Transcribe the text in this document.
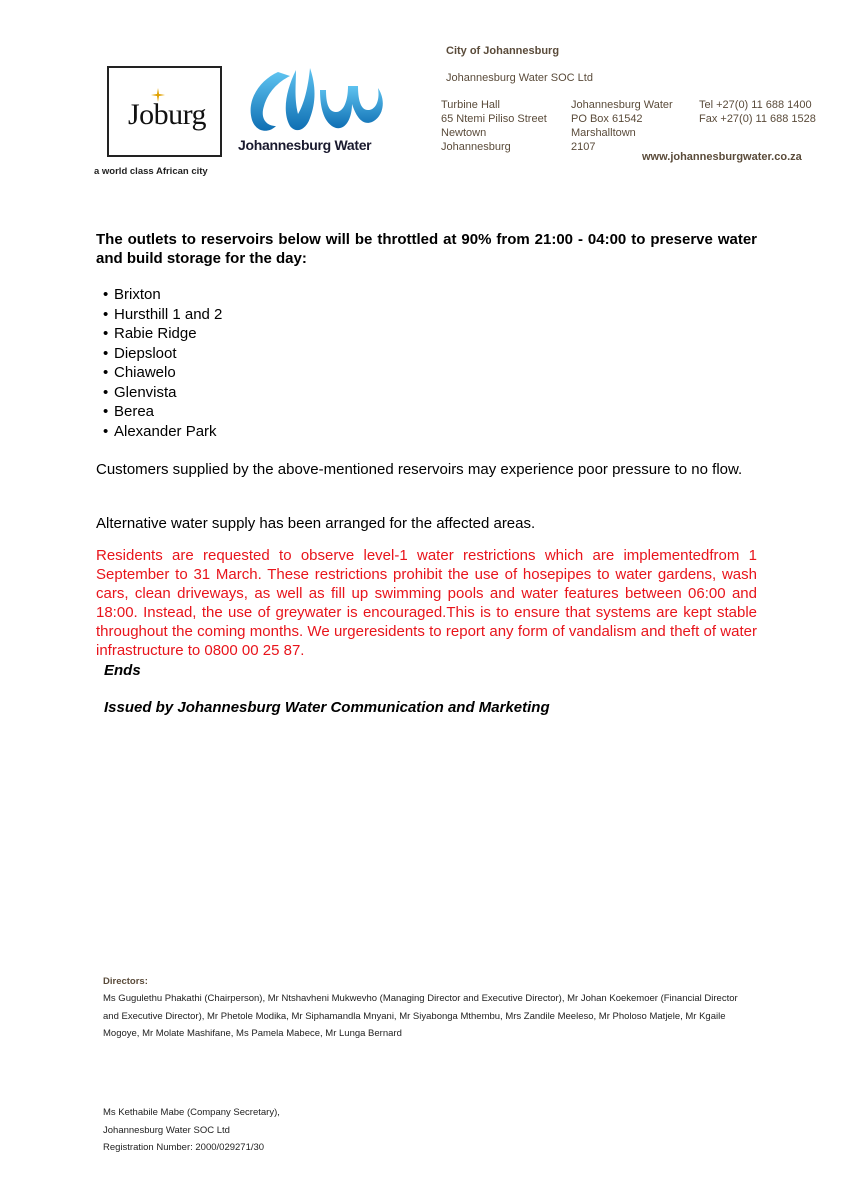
Joburg
a world class African city
Johannesburg Water
City of Johannesburg
Johannesburg Water SOC Ltd
Turbine Hall
65 Ntemi Piliso Street
Newtown
Johannesburg
Johannesburg Water
PO Box 61542
Marshalltown
2107
Tel +27(0) 11 688 1400
Fax +27(0) 11 688 1528
www.johannesburgwater.co.za
The outlets to reservoirs below will be throttled at 90% from 21:00 - 04:00 to preserve water and build storage for the day:
• Brixton
• Hursthill 1 and 2
• Rabie Ridge
• Diepsloot
• Chiawelo
• Glenvista
• Berea
• Alexander Park
Customers supplied by the above-mentioned reservoirs may experience poor pressure to no flow.
Alternative water supply has been arranged for the affected areas.
Residents are requested to observe level-1 water restrictions which are implementedfrom 1 September to 31 March. These restrictions prohibit the use of hosepipes to water gardens, wash cars, clean driveways, as well as fill up swimming pools and water features between 06:00 and 18:00. Instead, the use of greywater is encouraged.This is to ensure that systems are kept stable throughout the coming months. We urgeresidents to report any form of vandalism and theft of water infrastructure to 0800 00 25 87.
Ends
Issued by Johannesburg Water Communication and Marketing
Directors:
Ms Gugulethu Phakathi (Chairperson), Mr Ntshavheni Mukwevho (Managing Director and Executive Director), Mr Johan Koekemoer (Financial Director and Executive Director), Mr Phetole Modika, Mr Siphamandla Mnyani, Mr Siyabonga Mthembu, Mrs Zandile Meeleso, Mr Pholoso Matjele, Mr Kgaile Mogoye, Mr Molate Mashifane, Ms Pamela Mabece, Mr Lunga Bernard
Ms Kethabile Mabe (Company Secretary),
Johannesburg Water SOC Ltd
Registration Number: 2000/029271/30
